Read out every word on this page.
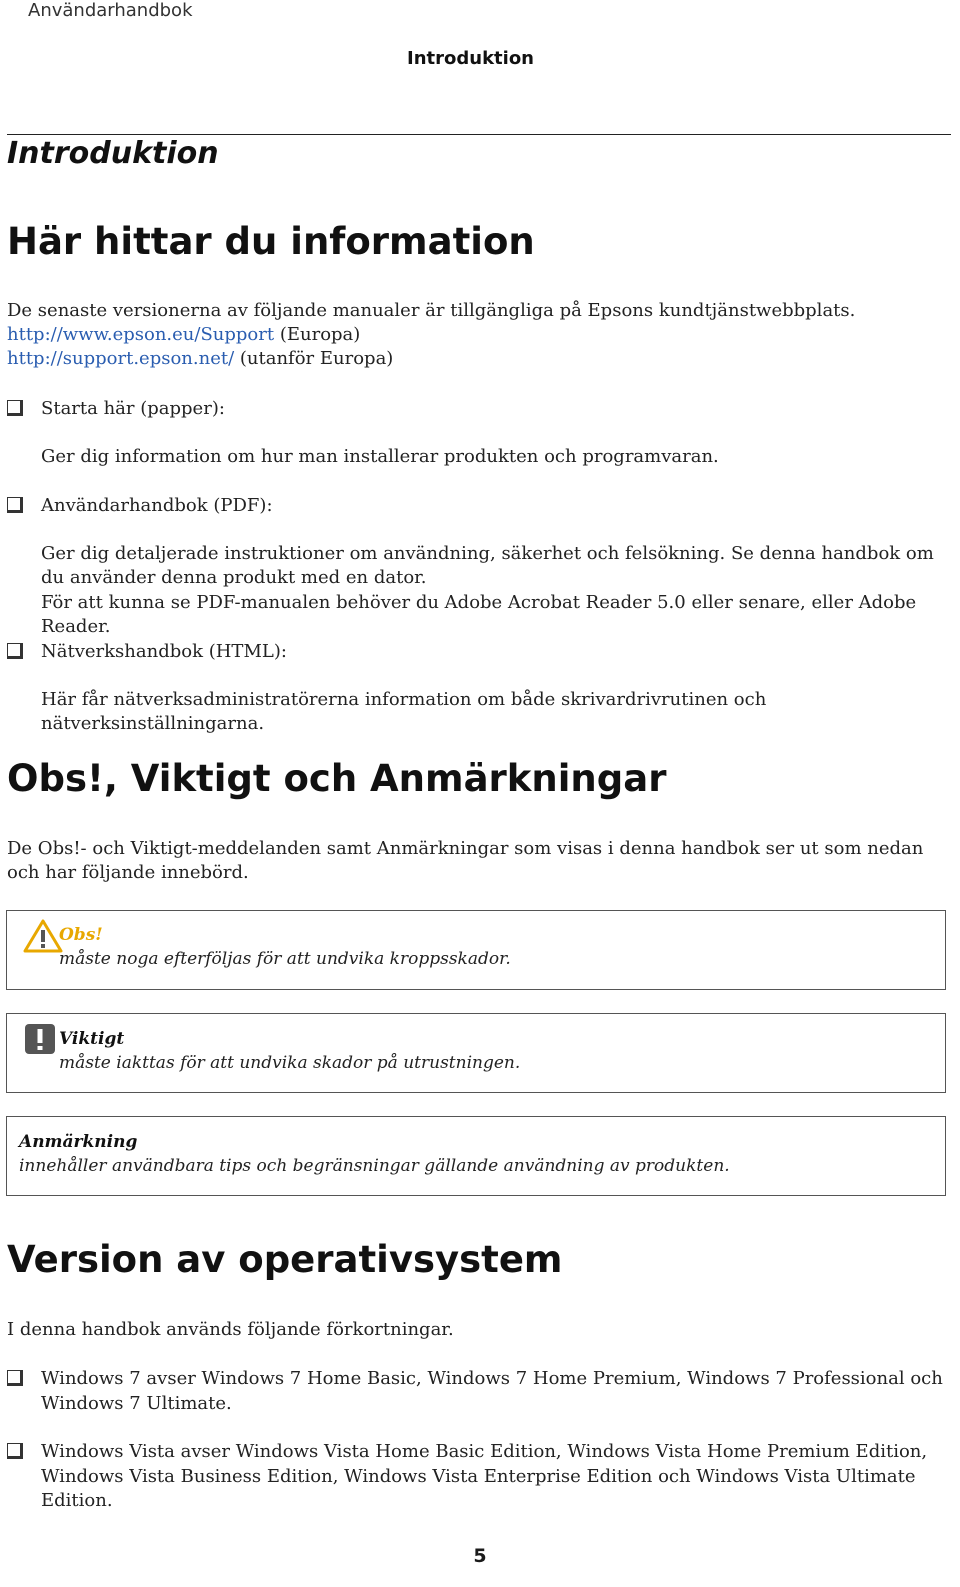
Användarhandbok
Introduktion
Introduktion
Här hittar du information
De senaste versionerna av följande manualer är tillgängliga på Epsons kundtjänstwebbplats.
http://www.epson.eu/Support (Europa)
http://support.epson.net/ (utanför Europa)
Starta här (papper):
Ger dig information om hur man installerar produkten och programvaran.
Användarhandbok (PDF):
Ger dig detaljerade instruktioner om användning, säkerhet och felsökning. Se denna handbok om du använder denna produkt med en dator.
För att kunna se PDF-manualen behöver du Adobe Acrobat Reader 5.0 eller senare, eller Adobe Reader.
Nätverkshandbok (HTML):
Här får nätverksadministratörerna information om både skrivardrivrutinen och nätverksinställningarna.
Obs!, Viktigt och Anmärkningar
De Obs!- och Viktigt-meddelanden samt Anmärkningar som visas i denna handbok ser ut som nedan och har följande innebörd.
Obs!
måste noga efterföljas för att undvika kroppsskador.
Viktigt
måste iakttas för att undvika skador på utrustningen.
Anmärkning
innehåller användbara tips och begränsningar gällande användning av produkten.
Version av operativsystem
I denna handbok används följande förkortningar.
Windows 7 avser Windows 7 Home Basic, Windows 7 Home Premium, Windows 7 Professional och Windows 7 Ultimate.
Windows Vista avser Windows Vista Home Basic Edition, Windows Vista Home Premium Edition, Windows Vista Business Edition, Windows Vista Enterprise Edition och Windows Vista Ultimate Edition.
5
